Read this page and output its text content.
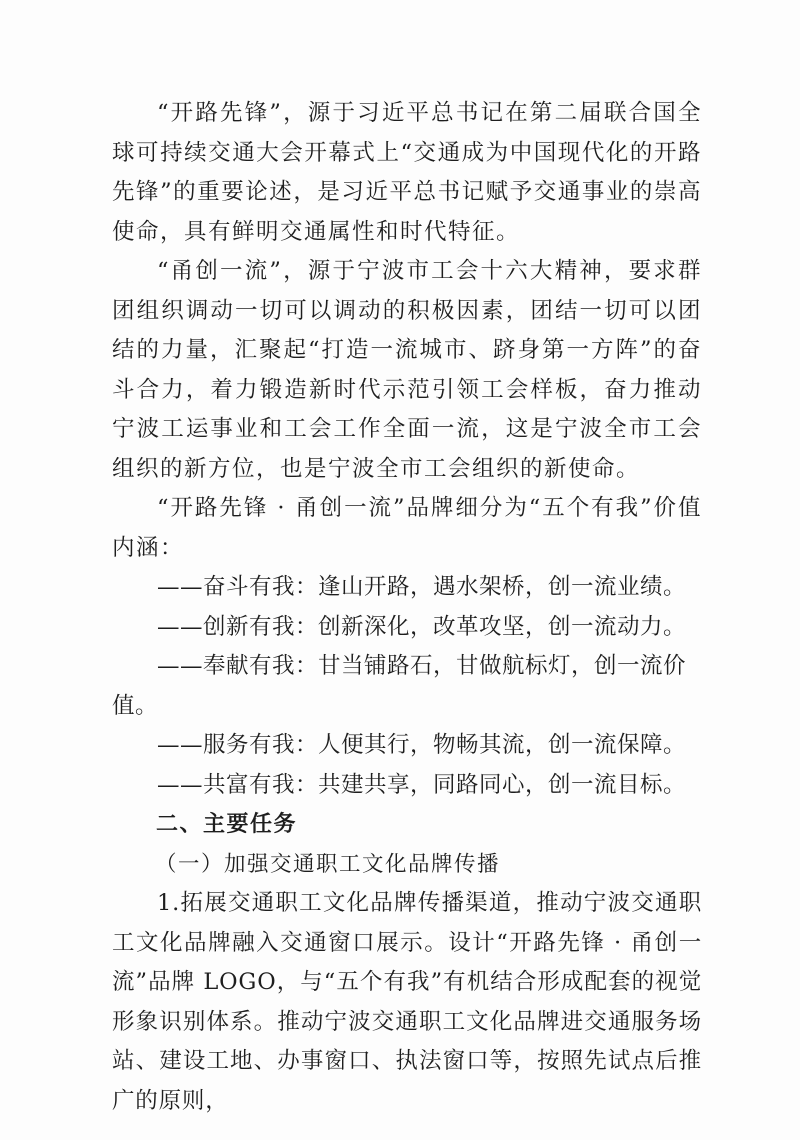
“开路先锋”，源于习近平总书记在第二届联合国全球可持续交通大会开幕式上“交通成为中国现代化的开路先锋”的重要论述，是习近平总书记赋予交通事业的崇高使命，具有鲜明交通属性和时代特征。

“甬创一流”，源于宁波市工会十六大精神，要求群团组织调动一切可以调动的积极因素，团结一切可以团结的力量，汇聚起“打造一流城市、跻身第一方阵”的奋斗合力，着力锻造新时代示范引领工会样板，奋力推动宁波工运事业和工会工作全面一流，这是宁波全市工会组织的新方位，也是宁波全市工会组织的新使命。

“开路先锋 · 甬创一流”品牌细分为“五个有我”价值内涵：

——奋斗有我：逢山开路，遇水架桥，创一流业绩。

——创新有我：创新深化，改革攻坚，创一流动力。

——奉献有我：甘当铺路石，甘做航标灯，创一流价值。

——服务有我：人便其行，物畅其流，创一流保障。

——共富有我：共建共享，同路同心，创一流目标。

二、主要任务

（一）加强交通职工文化品牌传播

1.拓展交通职工文化品牌传播渠道，推动宁波交通职工文化品牌融入交通窗口展示。设计“开路先锋 · 甬创一流”品牌 LOGO，与“五个有我”有机结合形成配套的视觉形象识别体系。推动宁波交通职工文化品牌进交通服务场站、建设工地、办事窗口、执法窗口等，按照先试点后推广的原则，
